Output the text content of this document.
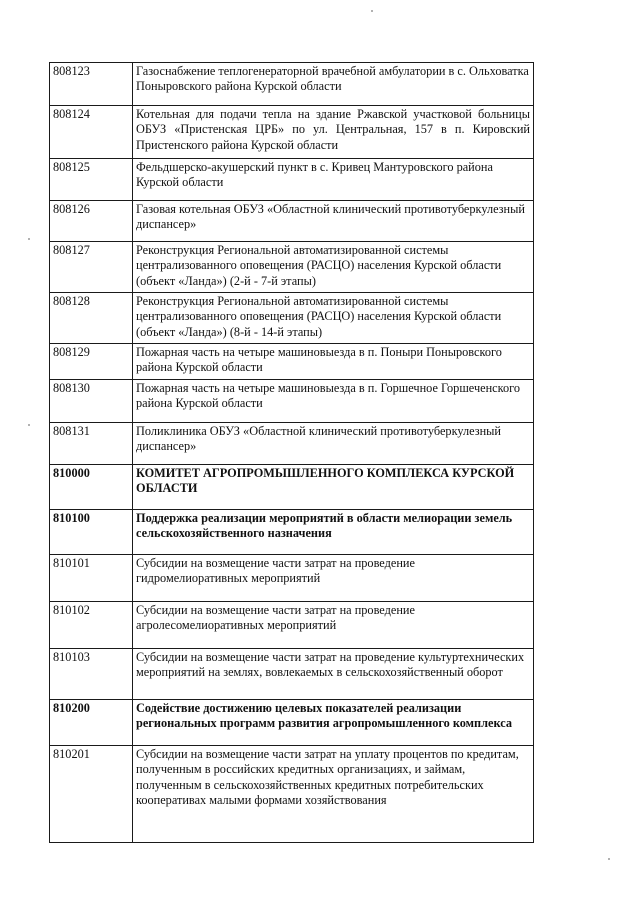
808123	Газоснабжение теплогенераторной врачебной амбулатории в с. Ольховатка Поныровского района Курской области
808124	Котельная для подачи тепла на здание Ржавской участковой больницы ОБУЗ «Пристенская ЦРБ» по ул. Центральная, 157 в п. Кировский Пристенского района Курской области
808125	Фельдшерско-акушерский пункт в с. Кривец Мантуровского района Курской области
808126	Газовая котельная ОБУЗ «Областной клинический противотуберкулезный диспансер»
808127	Реконструкция Региональной автоматизированной системы централизованного оповещения (РАСЦО) населения Курской области (объект «Ланда») (2-й - 7-й этапы)
808128	Реконструкция Региональной автоматизированной системы централизованного оповещения (РАСЦО) населения Курской области (объект «Ланда») (8-й - 14-й этапы)
808129	Пожарная часть на четыре машиновыезда в п. Поныри Поныровского района Курской области
808130	Пожарная часть на четыре машиновыезда в п. Горшечное Горшеченского района Курской области
808131	Поликлиника ОБУЗ «Областной клинический противотуберкулезный диспансер»
810000	КОМИТЕТ АГРОПРОМЫШЛЕННОГО КОМПЛЕКСА КУРСКОЙ ОБЛАСТИ
810100	Поддержка реализации мероприятий в области мелиорации земель сельскохозяйственного назначения
810101	Субсидии на возмещение части затрат на проведение гидромелиоративных мероприятий
810102	Субсидии на возмещение части затрат на проведение агролесомелиоративных мероприятий
810103	Субсидии на возмещение части затрат на проведение культуртехнических мероприятий на землях, вовлекаемых в сельскохозяйственный оборот
810200	Содействие достижению целевых показателей реализации региональных программ развития агропромышленного комплекса
810201	Субсидии на возмещение части затрат на уплату процентов по кредитам, полученным в российских кредитных организациях, и займам, полученным в сельскохозяйственных кредитных потребительских кооперативах малыми формами хозяйствования
